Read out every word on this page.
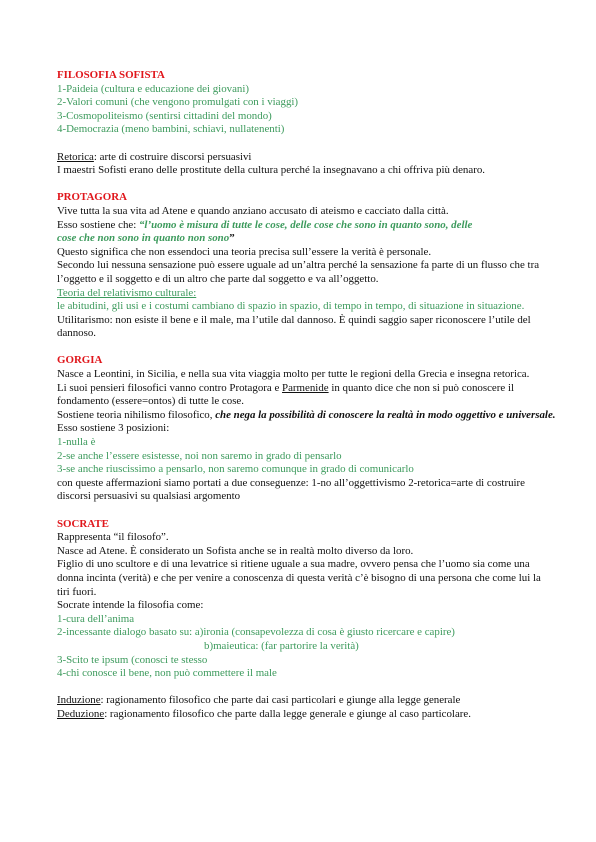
FILOSOFIA SOFISTA

1-Paideia (cultura e educazione dei giovani)

2-Valori comuni (che vengono promulgati con i viaggi)

3-Cosmopoliteismo (sentirsi cittadini del mondo)

4-Democrazia (meno bambini, schiavi, nullatenenti)

Retorica: arte di costruire discorsi persuasivi

I maestri Sofisti erano delle prostitute della cultura perché la insegnavano a chi offriva più denaro.

PROTAGORA

Vive tutta la sua vita ad Atene e quando anziano accusato di ateismo e cacciato dalla città.

Esso sostiene che: “l’uomo è misura di tutte le cose, delle cose che sono in quanto sono, delle
cose che non sono in quanto non sono”

Questo significa che non essendoci una teoria precisa sull’essere la verità è personale.

Secondo lui nessuna sensazione può essere uguale ad un’altra perché la sensazione fa parte di un flusso che tra l’oggetto e il soggetto e di un altro che parte dal soggetto e va all’oggetto.

Teoria del relativismo culturale:

le abitudini, gli usi e i costumi cambiano di spazio in spazio, di tempo in tempo, di situazione in situazione.

Utilitarismo: non esiste il bene e il male, ma l’utile dal dannoso. È quindi saggio saper riconoscere l’utile del dannoso.

GORGIA

Nasce a Leontini, in Sicilia, e nella sua vita viaggia molto per tutte le regioni della Grecia e insegna retorica.

Li suoi pensieri filosofici vanno contro Protagora e Parmenide in quanto dice che non si può conoscere il fondamento (essere=ontos) di tutte le cose.

Sostiene teoria nihilismo filosofico, che nega la possibilità di conoscere la realtà in modo oggettivo e universale.

Esso sostiene 3 posizioni:

1-nulla è

2-se anche l’essere esistesse, noi non saremo in grado di pensarlo

3-se anche riuscissimo a pensarlo, non saremo comunque in grado di comunicarlo

con queste affermazioni siamo portati a due conseguenze: 1-no all’oggettivismo 2-retorica=arte di costruire discorsi persuasivi su qualsiasi argomento

SOCRATE

Rappresenta “il filosofo”.

Nasce ad Atene. È considerato un Sofista anche se in realtà molto diverso da loro.

Figlio di uno scultore e di una levatrice si ritiene uguale a sua madre, ovvero pensa che l’uomo sia come una donna incinta (verità) e che per venire a conoscenza di questa verità c’è bisogno di una persona che come lui la tiri fuori.

Socrate intende la filosofia come:

1-cura dell’anima

2-incessante dialogo basato su: a)ironia (consapevolezza di cosa è giusto ricercare e capire)

b)maieutica: (far partorire la verità)

3-Scito te ipsum (conosci te stesso

4-chi conosce il bene, non può commettere il male

Induzione: ragionamento filosofico che parte dai casi particolari e giunge alla legge generale

Deduzione: ragionamento filosofico che parte dalla legge generale e giunge al caso particolare.
